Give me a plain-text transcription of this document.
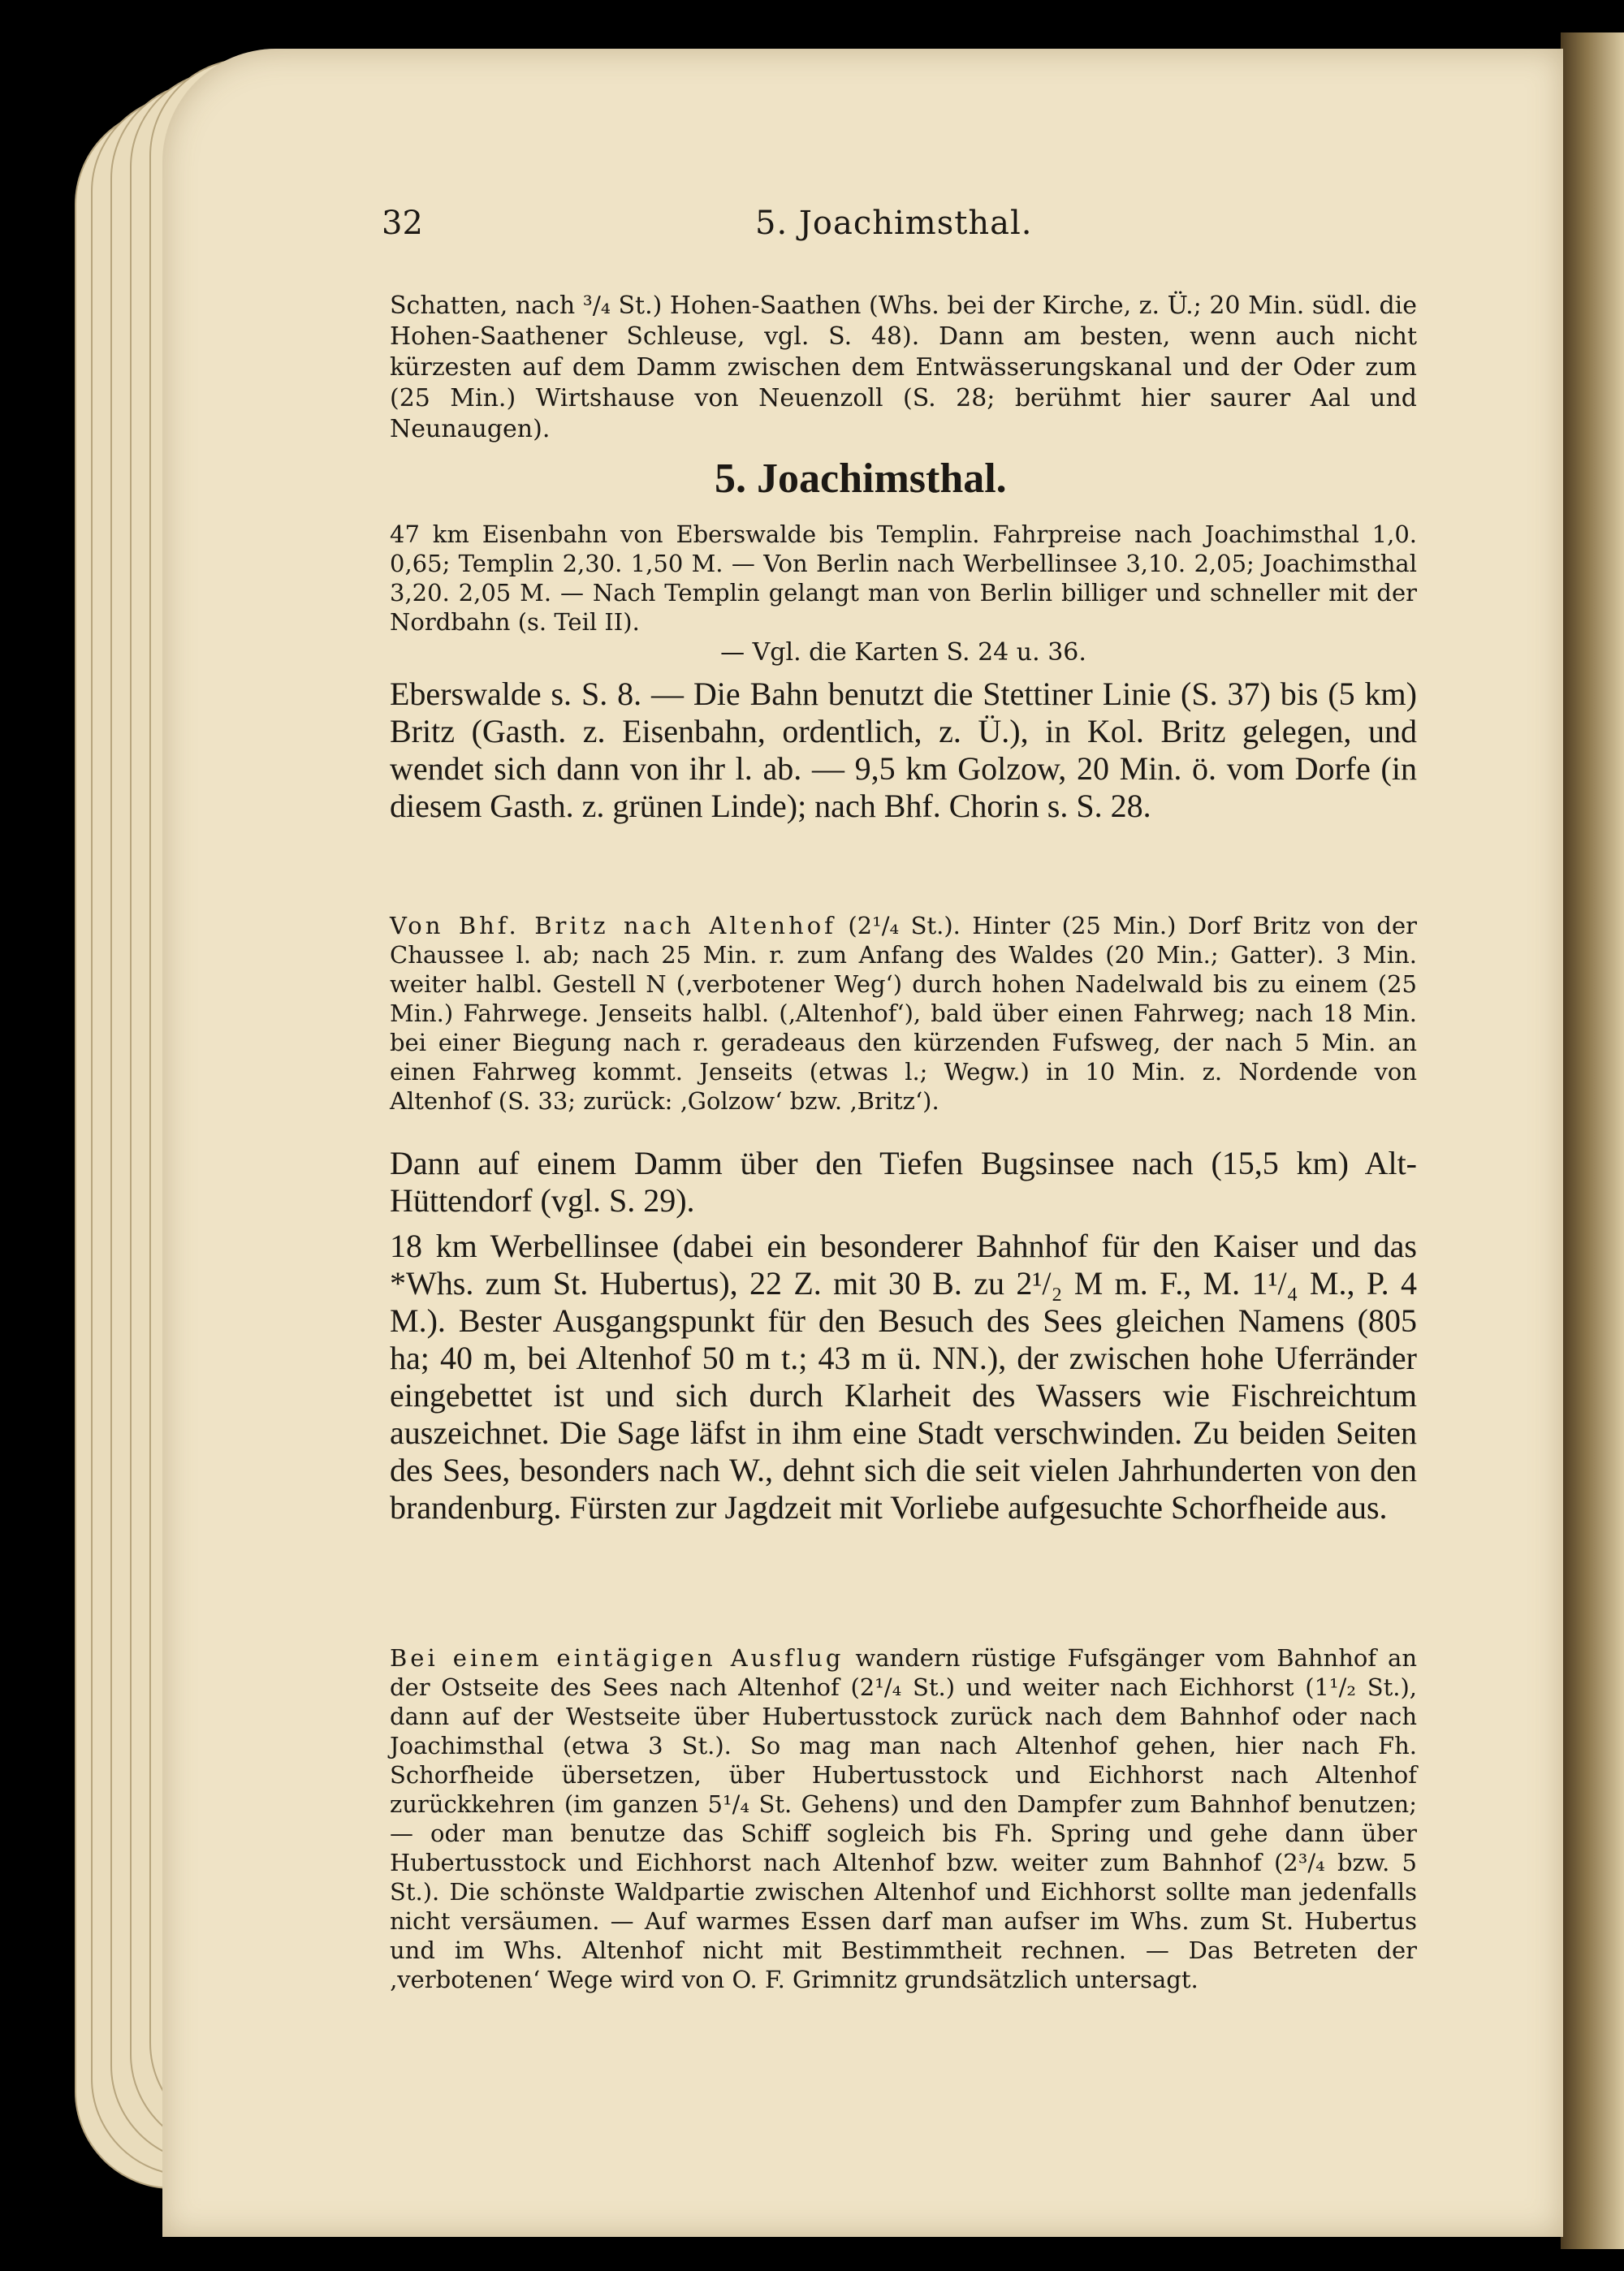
32	5. Joachimsthal.
Schatten, nach ³/₄ St.) Hohen-Saathen (Whs. bei der Kirche, z. Ü.; 20 Min. südl. die Hohen-Saathener Schleuse, vgl. S. 48). Dann am besten, wenn auch nicht kürzesten auf dem Damm zwischen dem Entwässerungskanal und der Oder zum (25 Min.) Wirtshause von Neuenzoll (S. 28; berühmt hier saurer Aal und Neunaugen).
5. Joachimsthal.
47 km Eisenbahn von Eberswalde bis Templin. Fahrpreise nach Joachimsthal 1,0. 0,65; Templin 2,30. 1,50 M. — Von Berlin nach Werbellinsee 3,10. 2,05; Joachimsthal 3,20. 2,05 M. — Nach Templin gelangt man von Berlin billiger und schneller mit der Nordbahn (s. Teil II).
— Vgl. die Karten S. 24 u. 36.
Eberswalde s. S. 8. — Die Bahn benutzt die Stettiner Linie (S. 37) bis (5 km) Britz (Gasth. z. Eisenbahn, ordentlich, z. Ü.), in Kol. Britz gelegen, und wendet sich dann von ihr l. ab. — 9,5 km Golzow, 20 Min. ö. vom Dorfe (in diesem Gasth. z. grünen Linde); nach Bhf. Chorin s. S. 28.
Von Bhf. Britz nach Altenhof (2¹/₄ St.). Hinter (25 Min.) Dorf Britz von der Chaussee l. ab; nach 25 Min. r. zum Anfang des Waldes (20 Min.; Gatter). 3 Min. weiter halbl. Gestell N (‚verbotener Weg‘) durch hohen Nadelwald bis zu einem (25 Min.) Fahrwege. Jenseits halbl. (‚Altenhof‘), bald über einen Fahrweg; nach 18 Min. bei einer Biegung nach r. geradeaus den kürzenden Fufsweg, der nach 5 Min. an einen Fahrweg kommt. Jenseits (etwas l.; Wegw.) in 10 Min. z. Nordende von Altenhof (S. 33; zurück: ‚Golzow‘ bzw. ‚Britz‘).
Dann auf einem Damm über den Tiefen Bugsinsee nach (15,5 km) Alt-Hüttendorf (vgl. S. 29).
18 km Werbellinsee (dabei ein besonderer Bahnhof für den Kaiser und das *Whs. zum St. Hubertus), 22 Z. mit 30 B. zu 2¹/₂ M m. F., M. 1¹/₄ M., P. 4 M.). Bester Ausgangspunkt für den Besuch des Sees gleichen Namens (805 ha; 40 m, bei Altenhof 50 m t.; 43 m ü. NN.), der zwischen hohe Uferränder eingebettet ist und sich durch Klarheit des Wassers wie Fischreichtum auszeichnet. Die Sage läfst in ihm eine Stadt verschwinden. Zu beiden Seiten des Sees, besonders nach W., dehnt sich die seit vielen Jahrhunderten von den brandenburg. Fürsten zur Jagdzeit mit Vorliebe aufgesuchte Schorfheide aus.
Bei einem eintägigen Ausflug wandern rüstige Fufsgänger vom Bahnhof an der Ostseite des Sees nach Altenhof (2¹/₄ St.) und weiter nach Eichhorst (1¹/₂ St.), dann auf der Westseite über Hubertusstock zurück nach dem Bahnhof oder nach Joachimsthal (etwa 3 St.). So mag man nach Altenhof gehen, hier nach Fh. Schorfheide übersetzen, über Hubertusstock und Eichhorst nach Altenhof zurückkehren (im ganzen 5¹/₄ St. Gehens) und den Dampfer zum Bahnhof benutzen; — oder man benutze das Schiff sogleich bis Fh. Spring und gehe dann über Hubertusstock und Eichhorst nach Altenhof bzw. weiter zum Bahnhof (2³/₄ bzw. 5 St.). Die schönste Waldpartie zwischen Altenhof und Eichhorst sollte man jedenfalls nicht versäumen. — Auf warmes Essen darf man aufser im Whs. zum St. Hubertus und im Whs. Altenhof nicht mit Bestimmtheit rechnen. — Das Betreten der ‚verbotenen‘ Wege wird von O. F. Grimnitz grundsätzlich untersagt.
